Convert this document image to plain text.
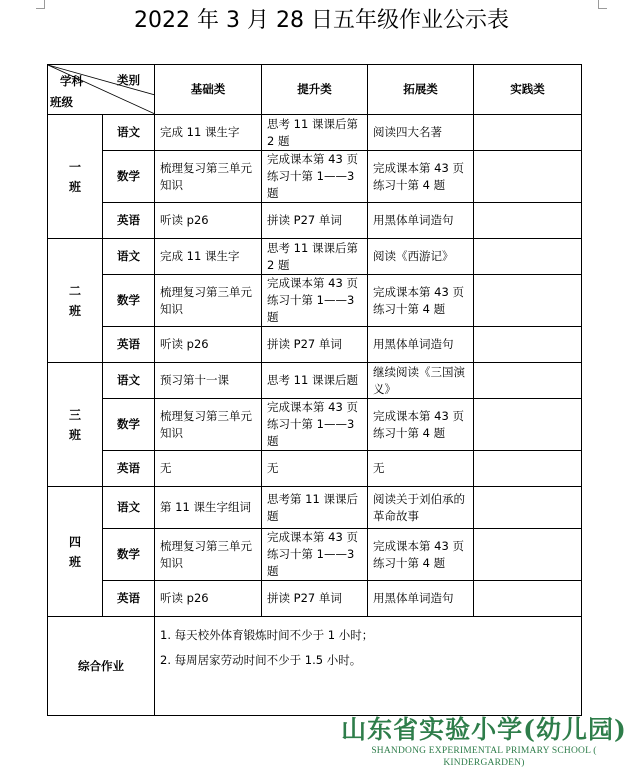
2022 年 3 月 28 日五年级作业公示表
类别
学科
班级		基础类	提升类	拓展类	实践类
一
班	语文	完成 11 课生字	思考 11 课课后第 2 题	阅读四大名著	
	数学	梳理复习第三单元知识	完成课本第 43 页练习十第 1——3 题	完成课本第 43 页练习十第 4 题	
	英语	听读 p26	拼读 P27 单词	用黑体单词造句	
二
班	语文	完成 11 课生字	思考 11 课课后第 2 题	阅读《西游记》	
	数学	梳理复习第三单元知识	完成课本第 43 页练习十第 1——3 题	完成课本第 43 页练习十第 4 题	
	英语	听读 p26	拼读 P27 单词	用黑体单词造句	
三
班	语文	预习第十一课	思考 11 课课后题	继续阅读《三国演义》	
	数学	梳理复习第三单元知识	完成课本第 43 页练习十第 1——3 题	完成课本第 43 页练习十第 4 题	
	英语	无	无	无	
四
班	语文	第 11 课生字组词	思考第 11 课课后题	阅读关于刘伯承的革命故事	
	数学	梳理复习第三单元知识	完成课本第 43 页练习十第 1——3 题	完成课本第 43 页练习十第 4 题	
	英语	听读 p26	拼读 P27 单词	用黑体单词造句	
综合作业		1. 每天校外体育锻炼时间不少于 1 小时；
2. 每周居家劳动时间不少于 1.5 小时。			
山东省实验小学(幼儿园)
SHANDONG EXPERIMENTAL PRIMARY SCHOOL ( KINDERGARDEN)
